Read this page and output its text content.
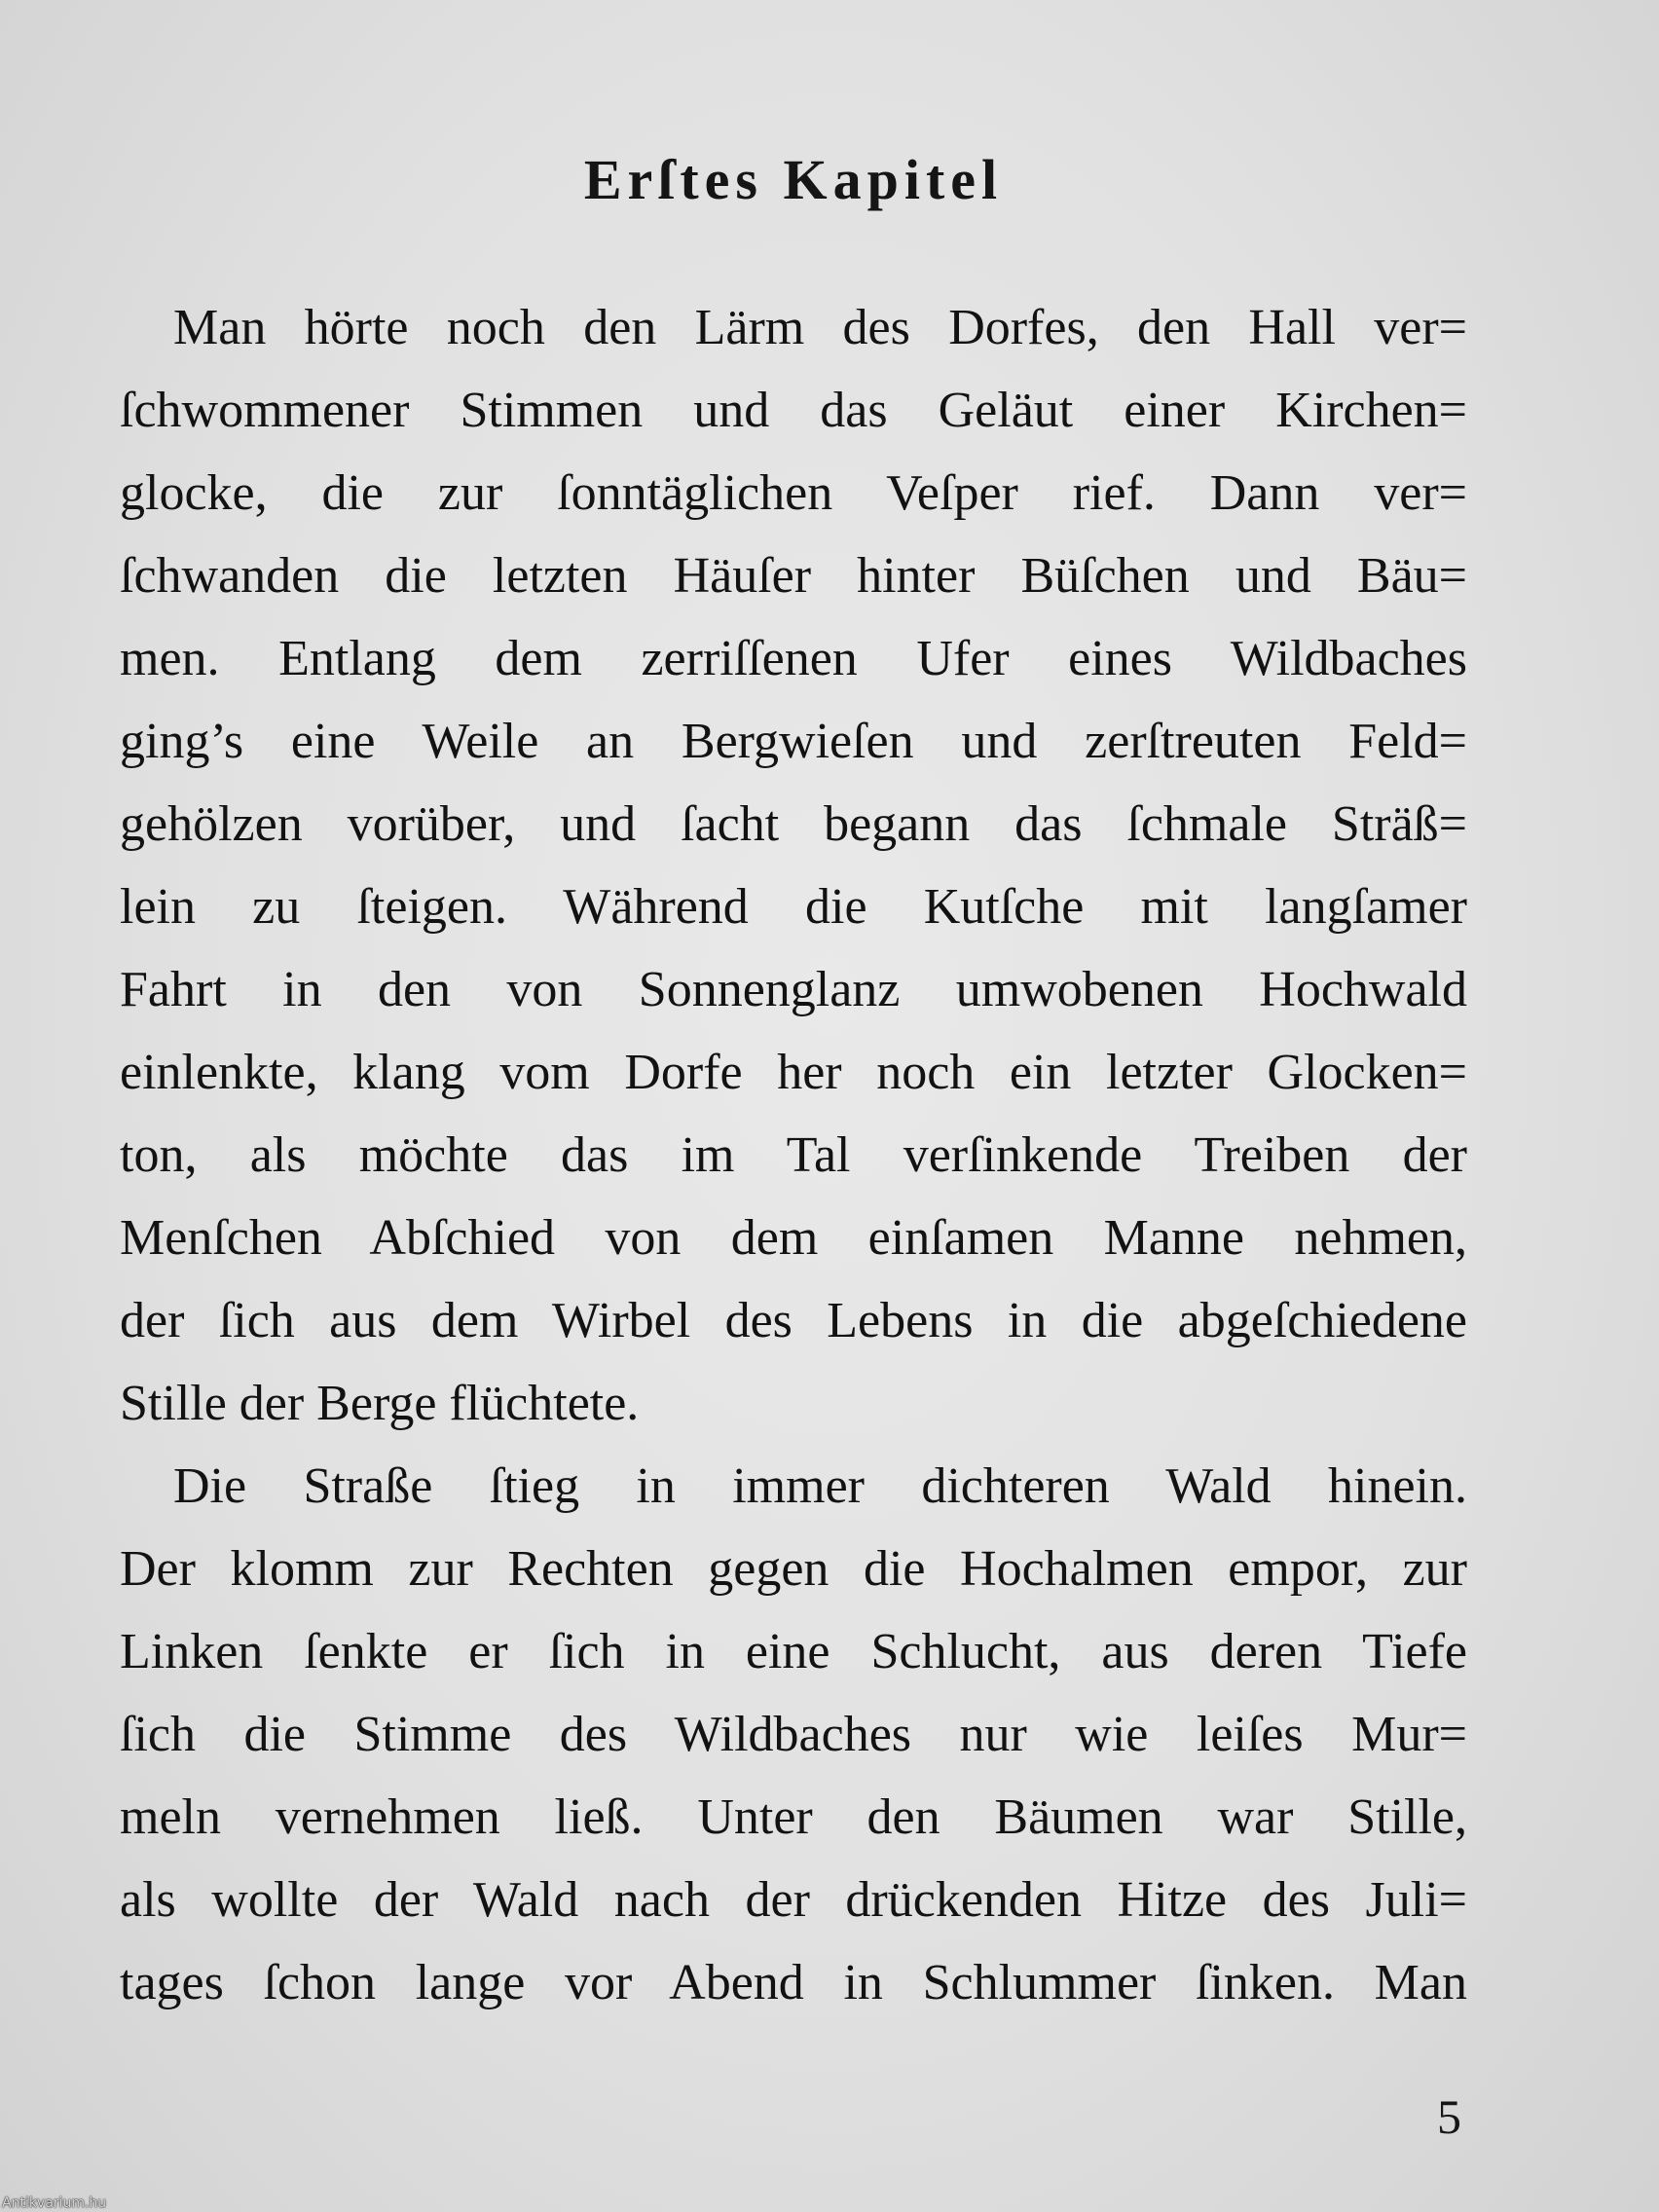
Erſtes Kapitel
Man hörte noch den Lärm des Dorfes, den Hall ver=
ſchwommener Stimmen und das Geläut einer Kirchen=
glocke, die zur ſonntäglichen Veſper rief. Dann ver=
ſchwanden die letzten Häuſer hinter Büſchen und Bäu=
men. Entlang dem zerriſſenen Ufer eines Wildbaches
ging’s eine Weile an Bergwieſen und zerſtreuten Feld=
gehölzen vorüber, und ſacht begann das ſchmale Sträß=
lein zu ſteigen. Während die Kutſche mit langſamer
Fahrt in den von Sonnenglanz umwobenen Hochwald
einlenkte, klang vom Dorfe her noch ein letzter Glocken=
ton, als möchte das im Tal verſinkende Treiben der
Menſchen Abſchied von dem einſamen Manne nehmen,
der ſich aus dem Wirbel des Lebens in die abgeſchiedene
Stille der Berge flüchtete.
Die Straße ſtieg in immer dichteren Wald hinein.
Der klomm zur Rechten gegen die Hochalmen empor, zur
Linken ſenkte er ſich in eine Schlucht, aus deren Tiefe
ſich die Stimme des Wildbaches nur wie leiſes Mur=
meln vernehmen ließ. Unter den Bäumen war Stille,
als wollte der Wald nach der drückenden Hitze des Juli=
tages ſchon lange vor Abend in Schlummer ſinken. Man
5
Antikvarium.hu
